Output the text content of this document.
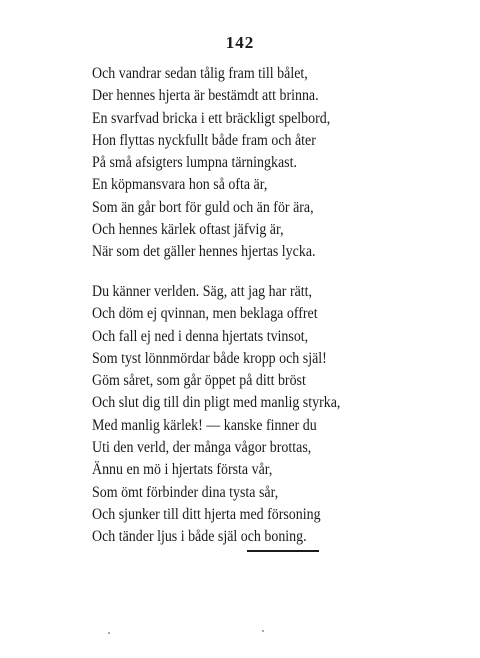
142
Och vandrar sedan tålig fram till bålet,
Der hennes hjerta är bestämdt att brinna.
En svarfvad bricka i ett bräckligt spelbord,
Hon flyttas nyckfullt både fram och åter
På små afsigters lumpna tärningkast.
En köpmansvara hon så ofta är,
Som än går bort för guld och än för ära,
Och hennes kärlek oftast jäfvig är,
När som det gäller hennes hjertas lycka.
Du känner verlden. Säg, att jag har rätt,
Och döm ej qvinnan, men beklaga offret
Och fall ej ned i denna hjertats tvinsot,
Som tyst lönnmördar både kropp och själ!
Göm såret, som går öppet på ditt bröst
Och slut dig till din pligt med manlig styrka,
Med manlig kärlek! — kanske finner du
Uti den verld, der många vågor brottas,
Ännu en mö i hjertats första vår,
Som ömt förbinder dina tysta sår,
Och sjunker till ditt hjerta med försoning
Och tänder ljus i både själ och boning.
